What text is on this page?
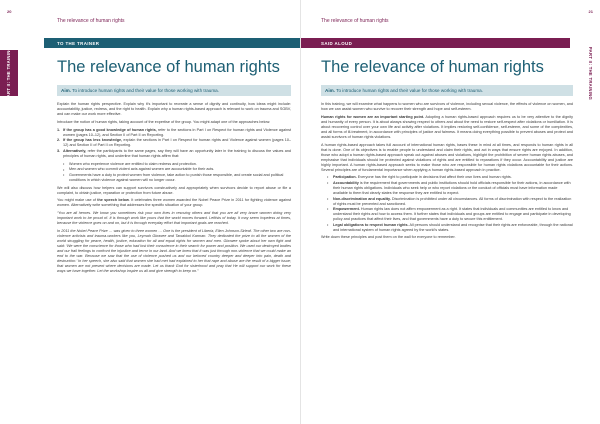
20
The relevance of human rights
TO THE TRAINER
PART II: THE TRAINING	The relevance of human rights
Aim. To introduce human rights and their value for those working with trauma.

Explain the human rights perspective. Explain why it’s important to recreate a sense of dignity and continuity, how ideas might include: accountability, justice, redress, and the right to health. Explain why a human rights-based approach is relevant to work on trauma and SGBV, and can make our work more effective.

Introduce the notion of human rights, taking account of the expertise of the group. You might adapt one of the approaches below:

1. If the group has a good knowledge of human rights, refer to the sections in Part I on Respect for human rights and Violence against women (pages 10–12), and Section II of Part II on Reporting.
2. If the group has less knowledge, explain the sections in Part I on Respect for human rights and Violence against women (pages 10–12) and Section II of Part II on Reporting.
3. Alternatively, refer the participants to the same pages, say they will have an opportunity later in the training to discuss the values and principles of human rights, and underline that human rights affirm that:
• Women who experience violence are entitled to claim redress and protection.
• Men and women who commit violent acts against women are accountable for their acts.
• Governments have a duty to protect women from violence, take action to punish those responsible, and create social and political conditions in which violence against women will no longer occur.

We will also discuss how helpers can support survivors constructively and appropriately when survivors decide to report abuse or file a complaint, to obtain justice, reparation or protection from future abuse.

You might make use of the speech below. It celebrates three women awarded the Nobel Peace Prize in 2011 for fighting violence against women. Alternatively write something that addresses the specific situation of your group.

“You are all heroes. We know you sometimes risk your own lives in rescuing others and that you are all very brave women doing very important work to be proud of. It is through work like yours that the world moves forward. Leftists of today. It may seem hopeless at times, because the violence goes on and on, but it is through everyday effort that important goals are reached.

In 2011 the Nobel Peace Prize … was given to three women … One is the president of Liberia, Ellen Johnson-Sirleaf. The other two are non-violence activists and trauma-workers like you, Leymah Gbowee and Tawakkol Karman. They dedicated the prize to all the women of the world struggling for peace, health, justice, education for all and equal rights for women and men. Gbowee spoke about her own fight and said: ‘We were the conscience for those who had lost their conscience in their search for power and position. We used our destroyed bodies and our frail feelings to confront the injustice and terror in our land. And we knew that it was just through non-violence that we could make an end to the war. Because we saw that the use of violence pushed us and our beloved country deeper and deeper into pain, death and destruction.’ In her speech, she also said that women she had met had explained to her that rape and abuse are the result of a bigger issue; that women are not present where decisions are made. Let us thank God for sisterhood and pray that He will support our work for these ways we have together. Let the workshop inspire us all and give strength to keep on.”

21
The relevance of human rights
SAID ALOUD
PART II: THE TRAINING
The relevance of human rights
Aim. To introduce human rights and their value for those working with trauma.

In this training, we will examine what happens to women who are survivors of violence, including sexual violence, the effects of violence on women, and how we can assist women who survive to recover their strength and hope and self-esteem.

Human rights for women are an important starting point. Adopting a human rights-based approach requires us to be very attentive to the dignity and humanity of every person. It is about always showing respect to others and about the need to restore self-respect after violations or humiliation. It is about recovering control over your own life and activity after violations. It implies restoring self-confidence, self-esteem, and some of the complexities, and all forms of ill-treatment, in accordance with principles of justice and fairness. It means doing everything possible to prevent abuses and protect and assist survivors of human rights violations.

A human rights-based approach takes full account of international human rights, bases these in mind at all times, and responds to human rights in all that is done. One of its objectives is to enable people to understand and claim their rights, and act in ways that ensure rights are enjoyed. In addition, those who adopt a human rights-based approach speak out against abuses and violations, highlight the prohibition of severe human rights abuses, and emphasise that individuals should be protected against violations of rights and are entitled to reparations if they occur. Accountability and justice are highly important. A human rights-based approach seeks to make those who are responsible for human rights violations accountable for their actions. Several principles are of fundamental importance when applying a human rights-based approach in practice.

• Participation. Everyone has the right to participate in decisions that affect their own lives and human rights.
• Accountability is the requirement that governments and public institutions should hold officials responsible for their actions, in accordance with their human rights obligations. Individuals who seek help or who report violations or the conduct of officials must have information made available to them that clearly states the response they are entitled to expect.
• Non-discrimination and equality. Discrimination is prohibited under all circumstances. All forms of discrimination with respect to the realization of rights must be prevented and sanctioned.
• Empowerment. Human rights law does not affirm empowerment as a right. It states that individuals and communities are entitled to know and understand their rights and how to access them. It further states that individuals and groups are entitled to engage and participate in developing policy and practices that affect their lives, and that governments have a duty to secure this entitlement.
• Legal obligations to respect human rights. All persons should understand and recognise that their rights are enforceable, through the national and international system of human rights agreed by the world’s states.

Write down these principles and post them on the wall for everyone to remember.
